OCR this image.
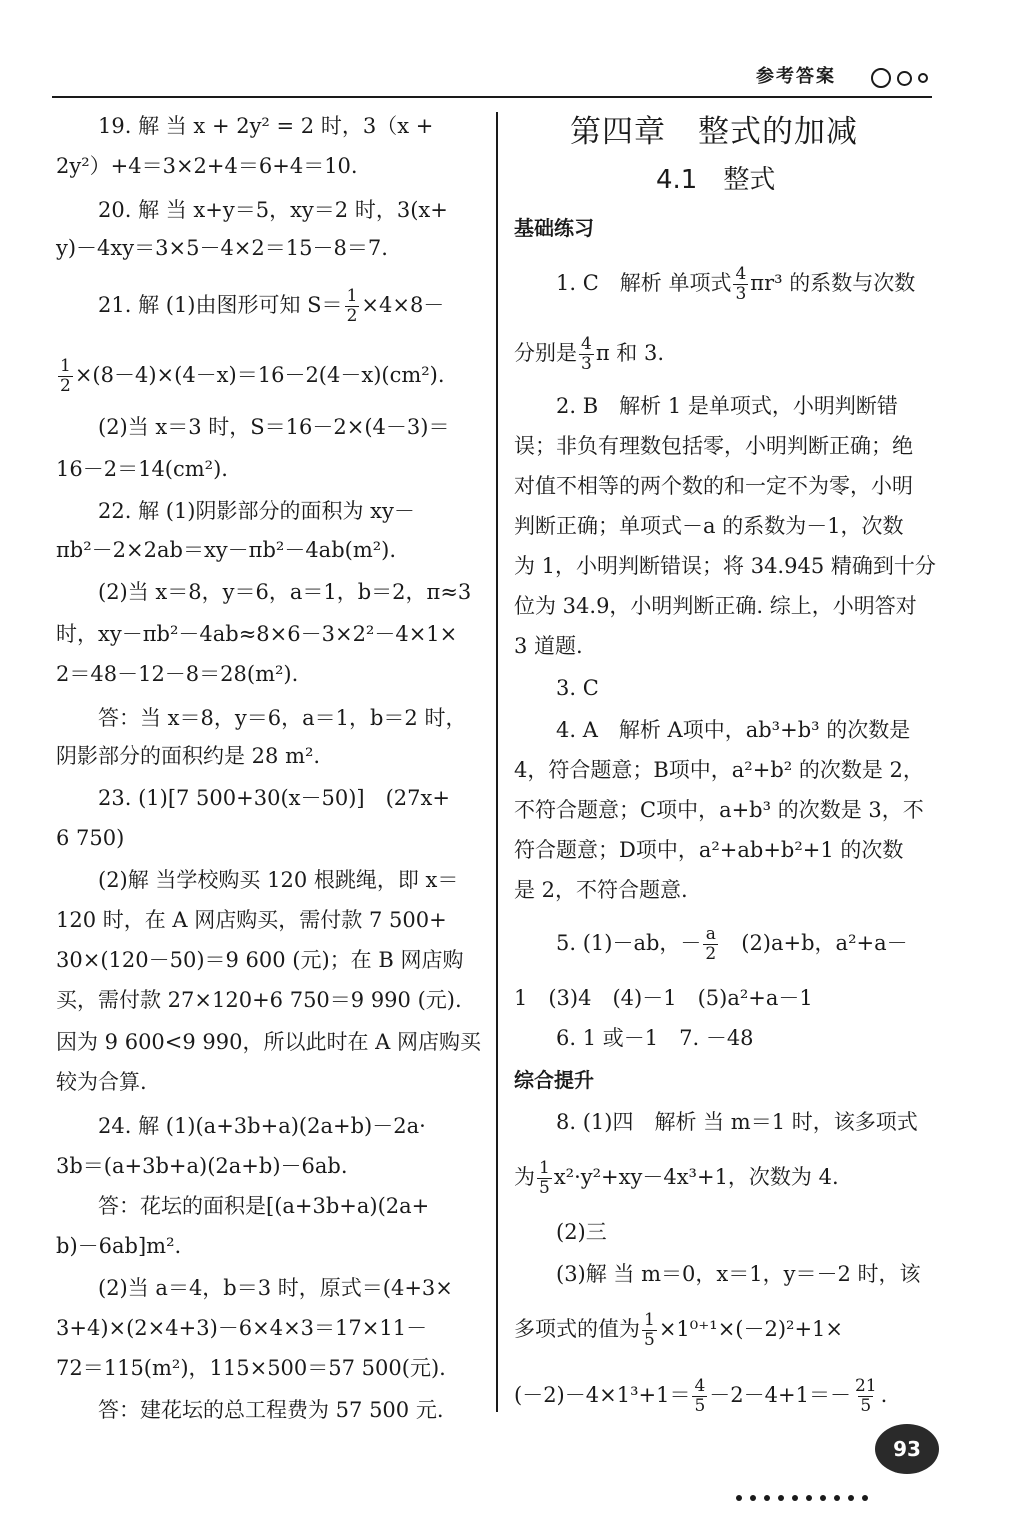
参考答案
19. 解 当 x + 2y² = 2 时，3（x +
2y²）+4＝3×2+4＝6+4＝10.
20. 解 当 x+y＝5，xy＝2 时，3(x+
y)－4xy＝3×5－4×2＝15－8＝7.
21. 解 (1)由图形可知 $S= \frac{1}{2} \times 4\times 8-$
$\frac{1}{2} \times(8-4)\times(4-x)=16-2(4-x)(cm^2)$.
(2)当 x＝3 时，S＝16－2×(4－3)＝
16－2＝14(cm²).
22. 解 (1)阴影部分的面积为 xy－
πb²－2×2ab＝xy－πb²－4ab(m²).
(2)当 x＝8，y＝6，a＝1，b＝2，π≈3
时，xy－πb²－4ab≈8×6－3×2²－4×1×
2＝48－12－8＝28(m²).
答：当 x＝8，y＝6，a＝1，b＝2 时，
阴影部分的面积约是 28 m².
23. (1)[7 500+30(x－50)]　(27x+
6 750)
(2)解 当学校购买 120 根跳绳，即 x＝
120 时，在 A 网店购买，需付款 7 500+
30×(120－50)＝9 600 (元)；在 B 网店购
买，需付款 27×120+6 750＝9 990 (元).
因为 9 600<9 990，所以此时在 A 网店购买
较为合算.
24. 解 (1)(a+3b+a)(2a+b)－2a·
3b＝(a+3b+a)(2a+b)－6ab.
答：花坛的面积是[(a+3b+a)(2a+
b)－6ab]m².
(2)当 a＝4，b＝3 时，原式＝(4+3×
3+4)×(2×4+3)－6×4×3＝17×11－
72＝115(m²)，115×500＝57 500(元).
答：建花坛的总工程费为 57 500 元.
第四章　整式的加减
4.1　整式
基础练习
1. C　解析 单项式 $\frac{4}{3} \pi r^3$ 的系数与次数
分别是 $\frac{4}{3}$ π 和 3.
2. B　解析 1 是单项式，小明判断错
误；非负有理数包括零，小明判断正确；绝
对值不相等的两个数的和一定不为零，小明
判断正确；单项式－a 的系数为－1，次数
为 1，小明判断错误；将 34.945 精确到十分
位为 34.9，小明判断正确. 综上，小明答对
3 道题.
3. C
4. A　解析 A项中，ab³+b³ 的次数是
4，符合题意；B项中，a²+b² 的次数是 2，
不符合题意；C项中，a+b³ 的次数是 3，不
符合题意；D项中，a²+ab+b²+1 的次数
是 2，不符合题意.
5. (1)－ab，－ $\frac{a}{2}$ 　(2)a+b，a²+a－
1　(3)4　(4)－1　(5)a²+a－1
6. 1 或－1　7. －48
综合提升
8. (1)四　解析 当 m＝1 时，该多项式
为 $\frac{1}{5} x^2\cdot y^2+xy-4x^3+1$，次数为 4.
(2)三
(3)解 当 m＝0，x＝1，y＝－2 时，该
多项式的值为 $\frac{1}{5} \times 1^{0+1}\times(-2)^2+1\times$
$(-2)-4\times 1^3+1= \frac{4}{5} -2-4+1=- \frac{21}{5}$ .
93
